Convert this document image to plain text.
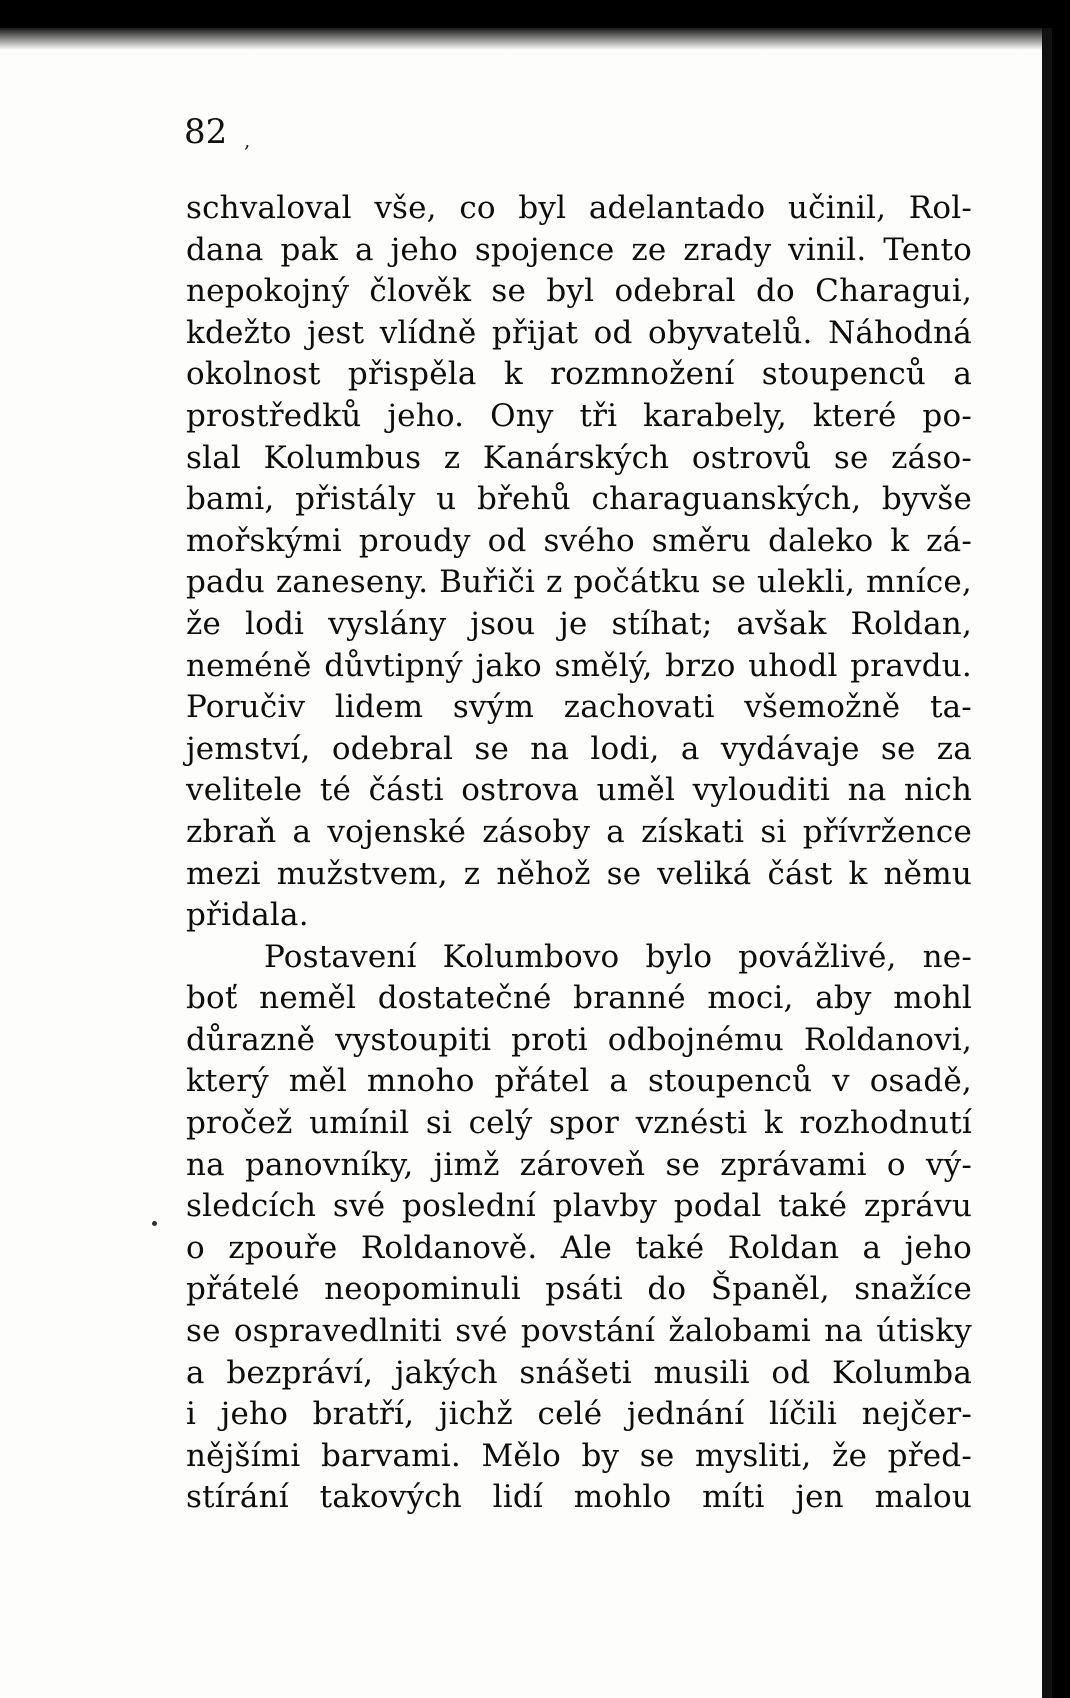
82 ,
schvaloval vše, co byl adelantado učinil, Rol-
dana pak a jeho spojence ze zrady vinil. Tento
nepokojný člověk se byl odebral do Charagui,
kdežto jest vlídně přijat od obyvatelů. Náhodná
okolnost přispěla k rozmnožení stoupenců a
prostředků jeho. Ony tři karabely, které po-
slal Kolumbus z Kanárských ostrovů se záso-
bami, přistály u břehů charaguanských, byvše
mořskými proudy od svého směru daleko k zá-
padu zaneseny. Buřiči z počátku se ulekli, mníce,
že lodi vyslány jsou je stíhat; avšak Roldan,
neméně důvtipný jako smělý, brzo uhodl pravdu.
Poručiv lidem svým zachovati všemožně ta-
jemství, odebral se na lodi, a vydávaje se za
velitele té části ostrova uměl vylouditi na nich
zbraň a vojenské zásoby a získati si přívržence
mezi mužstvem, z něhož se veliká část k němu
přidala.
Postavení Kolumbovo bylo povážlivé, ne-
boť neměl dostatečné branné moci, aby mohl
důrazně vystoupiti proti odbojnému Roldanovi,
který měl mnoho přátel a stoupenců v osadě,
pročež umínil si celý spor vznésti k rozhodnutí
na panovníky, jimž zároveň se zprávami o vý-
sledcích své poslední plavby podal také zprávu
o zpouře Roldanově. Ale také Roldan a jeho
přátelé neopominuli psáti do Španěl, snažíce
se ospravedlniti své povstání žalobami na útisky
a bezpráví, jakých snášeti musili od Kolumba
i jeho bratří, jichž celé jednání líčili nejčer-
nějšími barvami. Mělo by se mysliti, že před-
stírání takových lidí mohlo míti jen malou
